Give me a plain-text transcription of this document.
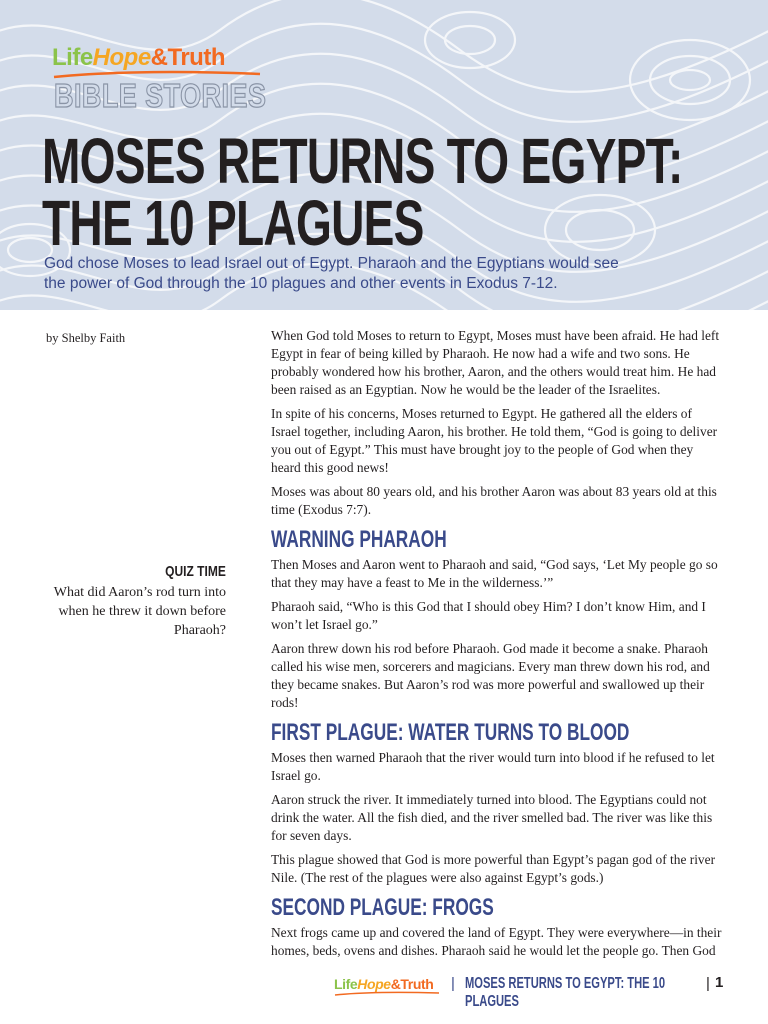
LifeHope&Truth
BIBLE STORIES
MOSES RETURNS TO EGYPT:
THE 10 PLAGUES
God chose Moses to lead Israel out of Egypt. Pharaoh and the Egyptians would see the power of God through the 10 plagues and other events in Exodus 7-12.
by Shelby Faith
QUIZ TIME
What did Aaron’s rod turn into when he threw it down before Pharaoh?

When God told Moses to return to Egypt, Moses must have been afraid. He had left Egypt in fear of being killed by Pharaoh. He now had a wife and two sons. He probably wondered how his brother, Aaron, and the others would treat him. He had been raised as an Egyptian. Now he would be the leader of the Israelites.

In spite of his concerns, Moses returned to Egypt. He gathered all the elders of Israel together, including Aaron, his brother. He told them, “God is going to deliver you out of Egypt.” This must have brought joy to the people of God when they heard this good news!

Moses was about 80 years old, and his brother Aaron was about 83 years old at this time (Exodus 7:7).

WARNING PHARAOH

Then Moses and Aaron went to Pharaoh and said, “God says, ‘Let My people go so that they may have a feast to Me in the wilderness.’”

Pharaoh said, “Who is this God that I should obey Him? I don’t know Him, and I won’t let Israel go.”

Aaron threw down his rod before Pharaoh. God made it become a snake. Pharaoh called his wise men, sorcerers and magicians. Every man threw down his rod, and they became snakes. But Aaron’s rod was more powerful and swallowed up their rods!

FIRST PLAGUE: WATER TURNS TO BLOOD

Moses then warned Pharaoh that the river would turn into blood if he refused to let Israel go.

Aaron struck the river. It immediately turned into blood. The Egyptians could not drink the water. All the fish died, and the river smelled bad. The river was like this for seven days.

This plague showed that God is more powerful than Egypt’s pagan god of the river Nile. (The rest of the plagues were also against Egypt’s gods.)

SECOND PLAGUE: FROGS

Next frogs came up and covered the land of Egypt. They were everywhere—in their homes, beds, ovens and dishes. Pharaoh said he would let the people go. Then God

LifeHope&Truth | MOSES RETURNS TO EGYPT: THE 10 PLAGUES
| 1
